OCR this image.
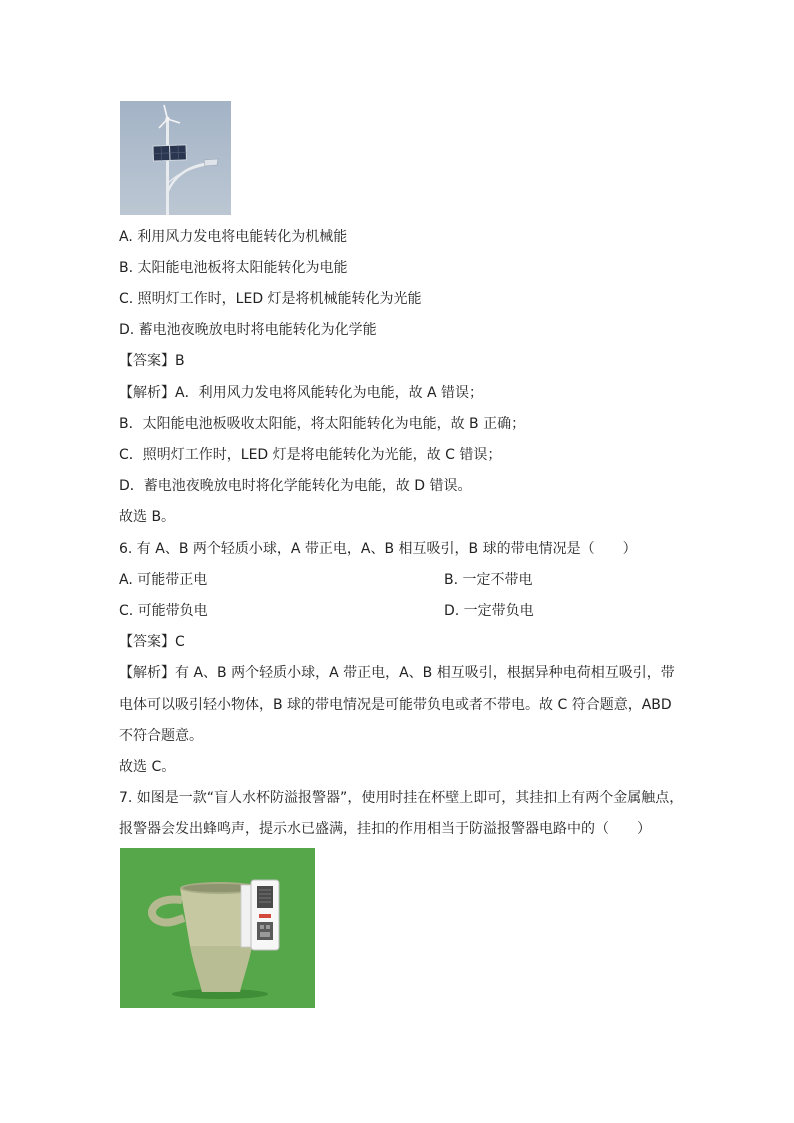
A. 利用风力发电将电能转化为机械能
B. 太阳能电池板将太阳能转化为电能
C. 照明灯工作时，LED 灯是将机械能转化为光能
D. 蓄电池夜晚放电时将电能转化为化学能
【答案】B
【解析】A．利用风力发电将风能转化为电能，故 A 错误；
B．太阳能电池板吸收太阳能，将太阳能转化为电能，故 B 正确；
C．照明灯工作时，LED 灯是将电能转化为光能，故 C 错误；
D．蓄电池夜晚放电时将化学能转化为电能，故 D 错误。
故选 B。
6. 有 A、B 两个轻质小球，A 带正电，A、B 相互吸引，B 球的带电情况是（　　）
A. 可能带正电	B. 一定不带电
C. 可能带负电	D. 一定带负电
【答案】C
【解析】有 A、B 两个轻质小球，A 带正电，A、B 相互吸引，根据异种电荷相互吸引，带
电体可以吸引轻小物体，B 球的带电情况是可能带负电或者不带电。故 C 符合题意，ABD
不符合题意。
故选 C。
7. 如图是一款“盲人水杯防溢报警器”，使用时挂在杯壁上即可，其挂扣上有两个金属触点，
报警器会发出蜂鸣声，提示水已盛满，挂扣的作用相当于防溢报警器电路中的（　　）
